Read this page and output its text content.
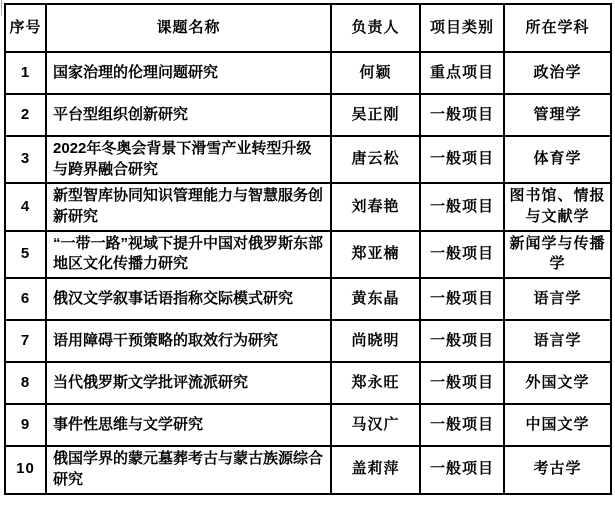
序号	课题名称	负责人	项目类别	所在学科
1	国家治理的伦理问题研究	何颖	重点项目	政治学
2	平台型组织创新研究	吴正刚	一般项目	管理学
3	2022年冬奥会背景下滑雪产业转型升级与跨界融合研究	唐云松	一般项目	体育学
4	新型智库协同知识管理能力与智慧服务创新研究	刘春艳	一般项目	图书馆、情报与文献学
5	“一带一路”视域下提升中国对俄罗斯东部地区文化传播力研究	郑亚楠	一般项目	新闻学与传播学
6	俄汉文学叙事话语指称交际模式研究	黄东晶	一般项目	语言学
7	语用障碍干预策略的取效行为研究	尚晓明	一般项目	语言学
8	当代俄罗斯文学批评流派研究	郑永旺	一般项目	外国文学
9	事件性思维与文学研究	马汉广	一般项目	中国文学
10	俄国学界的蒙元墓葬考古与蒙古族源综合研究	盖莉萍	一般项目	考古学
